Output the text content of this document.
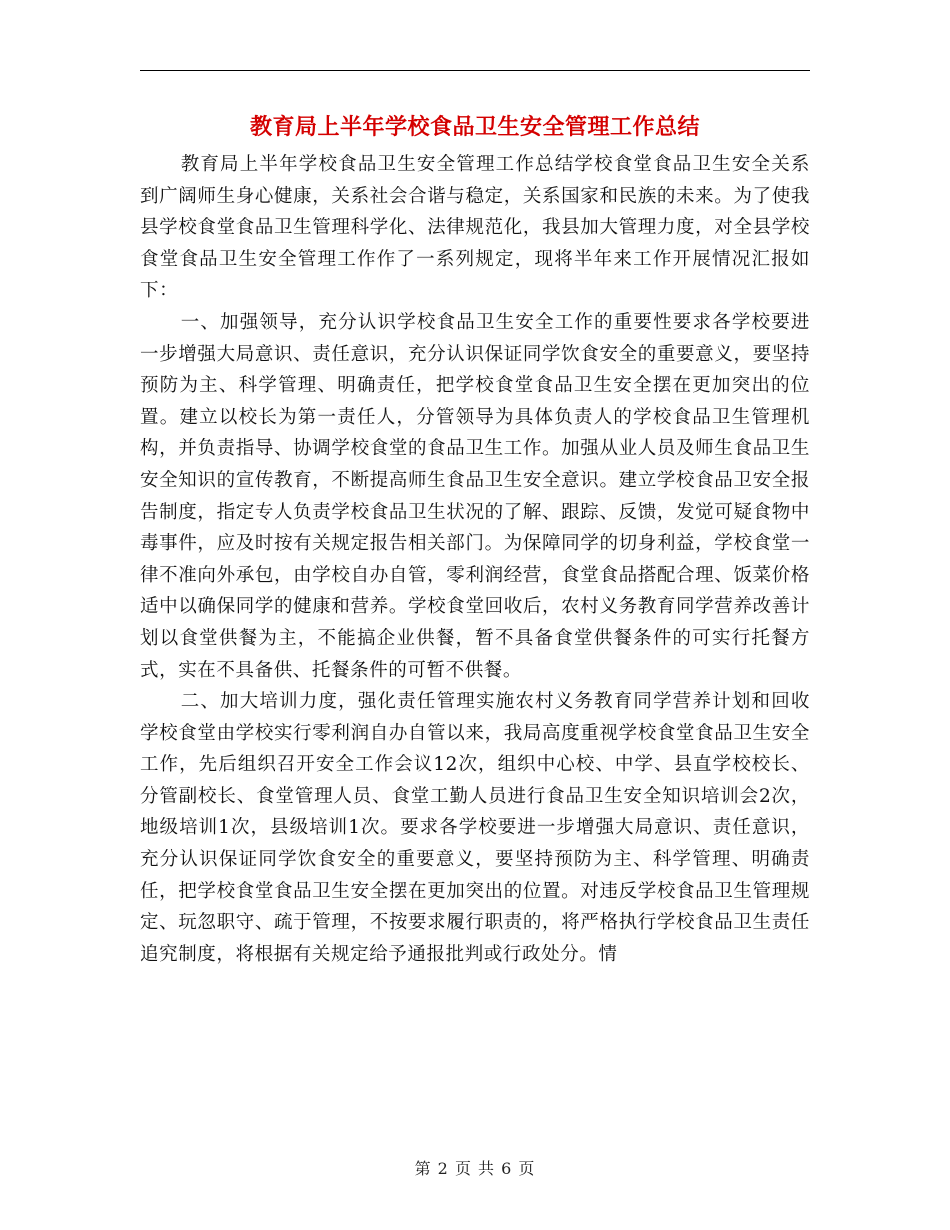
教育局上半年学校食品卫生安全管理工作总结

教育局上半年学校食品卫生安全管理工作总结学校食堂食品卫生安全关系到广阔师生身心健康，关系社会合谐与稳定，关系国家和民族的未来。为了使我县学校食堂食品卫生管理科学化、法律规范化，我县加大管理力度，对全县学校食堂食品卫生安全管理工作作了一系列规定，现将半年来工作开展情况汇报如下：

一、加强领导，充分认识学校食品卫生安全工作的重要性要求各学校要进一步增强大局意识、责任意识，充分认识保证同学饮食安全的重要意义，要坚持预防为主、科学管理、明确责任，把学校食堂食品卫生安全摆在更加突出的位置。建立以校长为第一责任人，分管领导为具体负责人的学校食品卫生管理机构，并负责指导、协调学校食堂的食品卫生工作。加强从业人员及师生食品卫生安全知识的宣传教育，不断提高师生食品卫生安全意识。建立学校食品卫安全报告制度，指定专人负责学校食品卫生状况的了解、跟踪、反馈，发觉可疑食物中毒事件，应及时按有关规定报告相关部门。为保障同学的切身利益，学校食堂一律不准向外承包，由学校自办自管，零利润经营，食堂食品搭配合理、饭菜价格适中以确保同学的健康和营养。学校食堂回收后，农村义务教育同学营养改善计划以食堂供餐为主，不能搞企业供餐，暂不具备食堂供餐条件的可实行托餐方式，实在不具备供、托餐条件的可暂不供餐。

二、加大培训力度，强化责任管理实施农村义务教育同学营养计划和回收学校食堂由学校实行零利润自办自管以来，我局高度重视学校食堂食品卫生安全工作，先后组织召开安全工作会议12次，组织中心校、中学、县直学校校长、分管副校长、食堂管理人员、食堂工勤人员进行食品卫生安全知识培训会2次，地级培训1次，县级培训1次。要求各学校要进一步增强大局意识、责任意识，充分认识保证同学饮食安全的重要意义，要坚持预防为主、科学管理、明确责任，把学校食堂食品卫生安全摆在更加突出的位置。对违反学校食品卫生管理规定、玩忽职守、疏于管理，不按要求履行职责的，将严格执行学校食品卫生责任追究制度，将根据有关规定给予通报批判或行政处分。情

第 2 页 共 6 页
